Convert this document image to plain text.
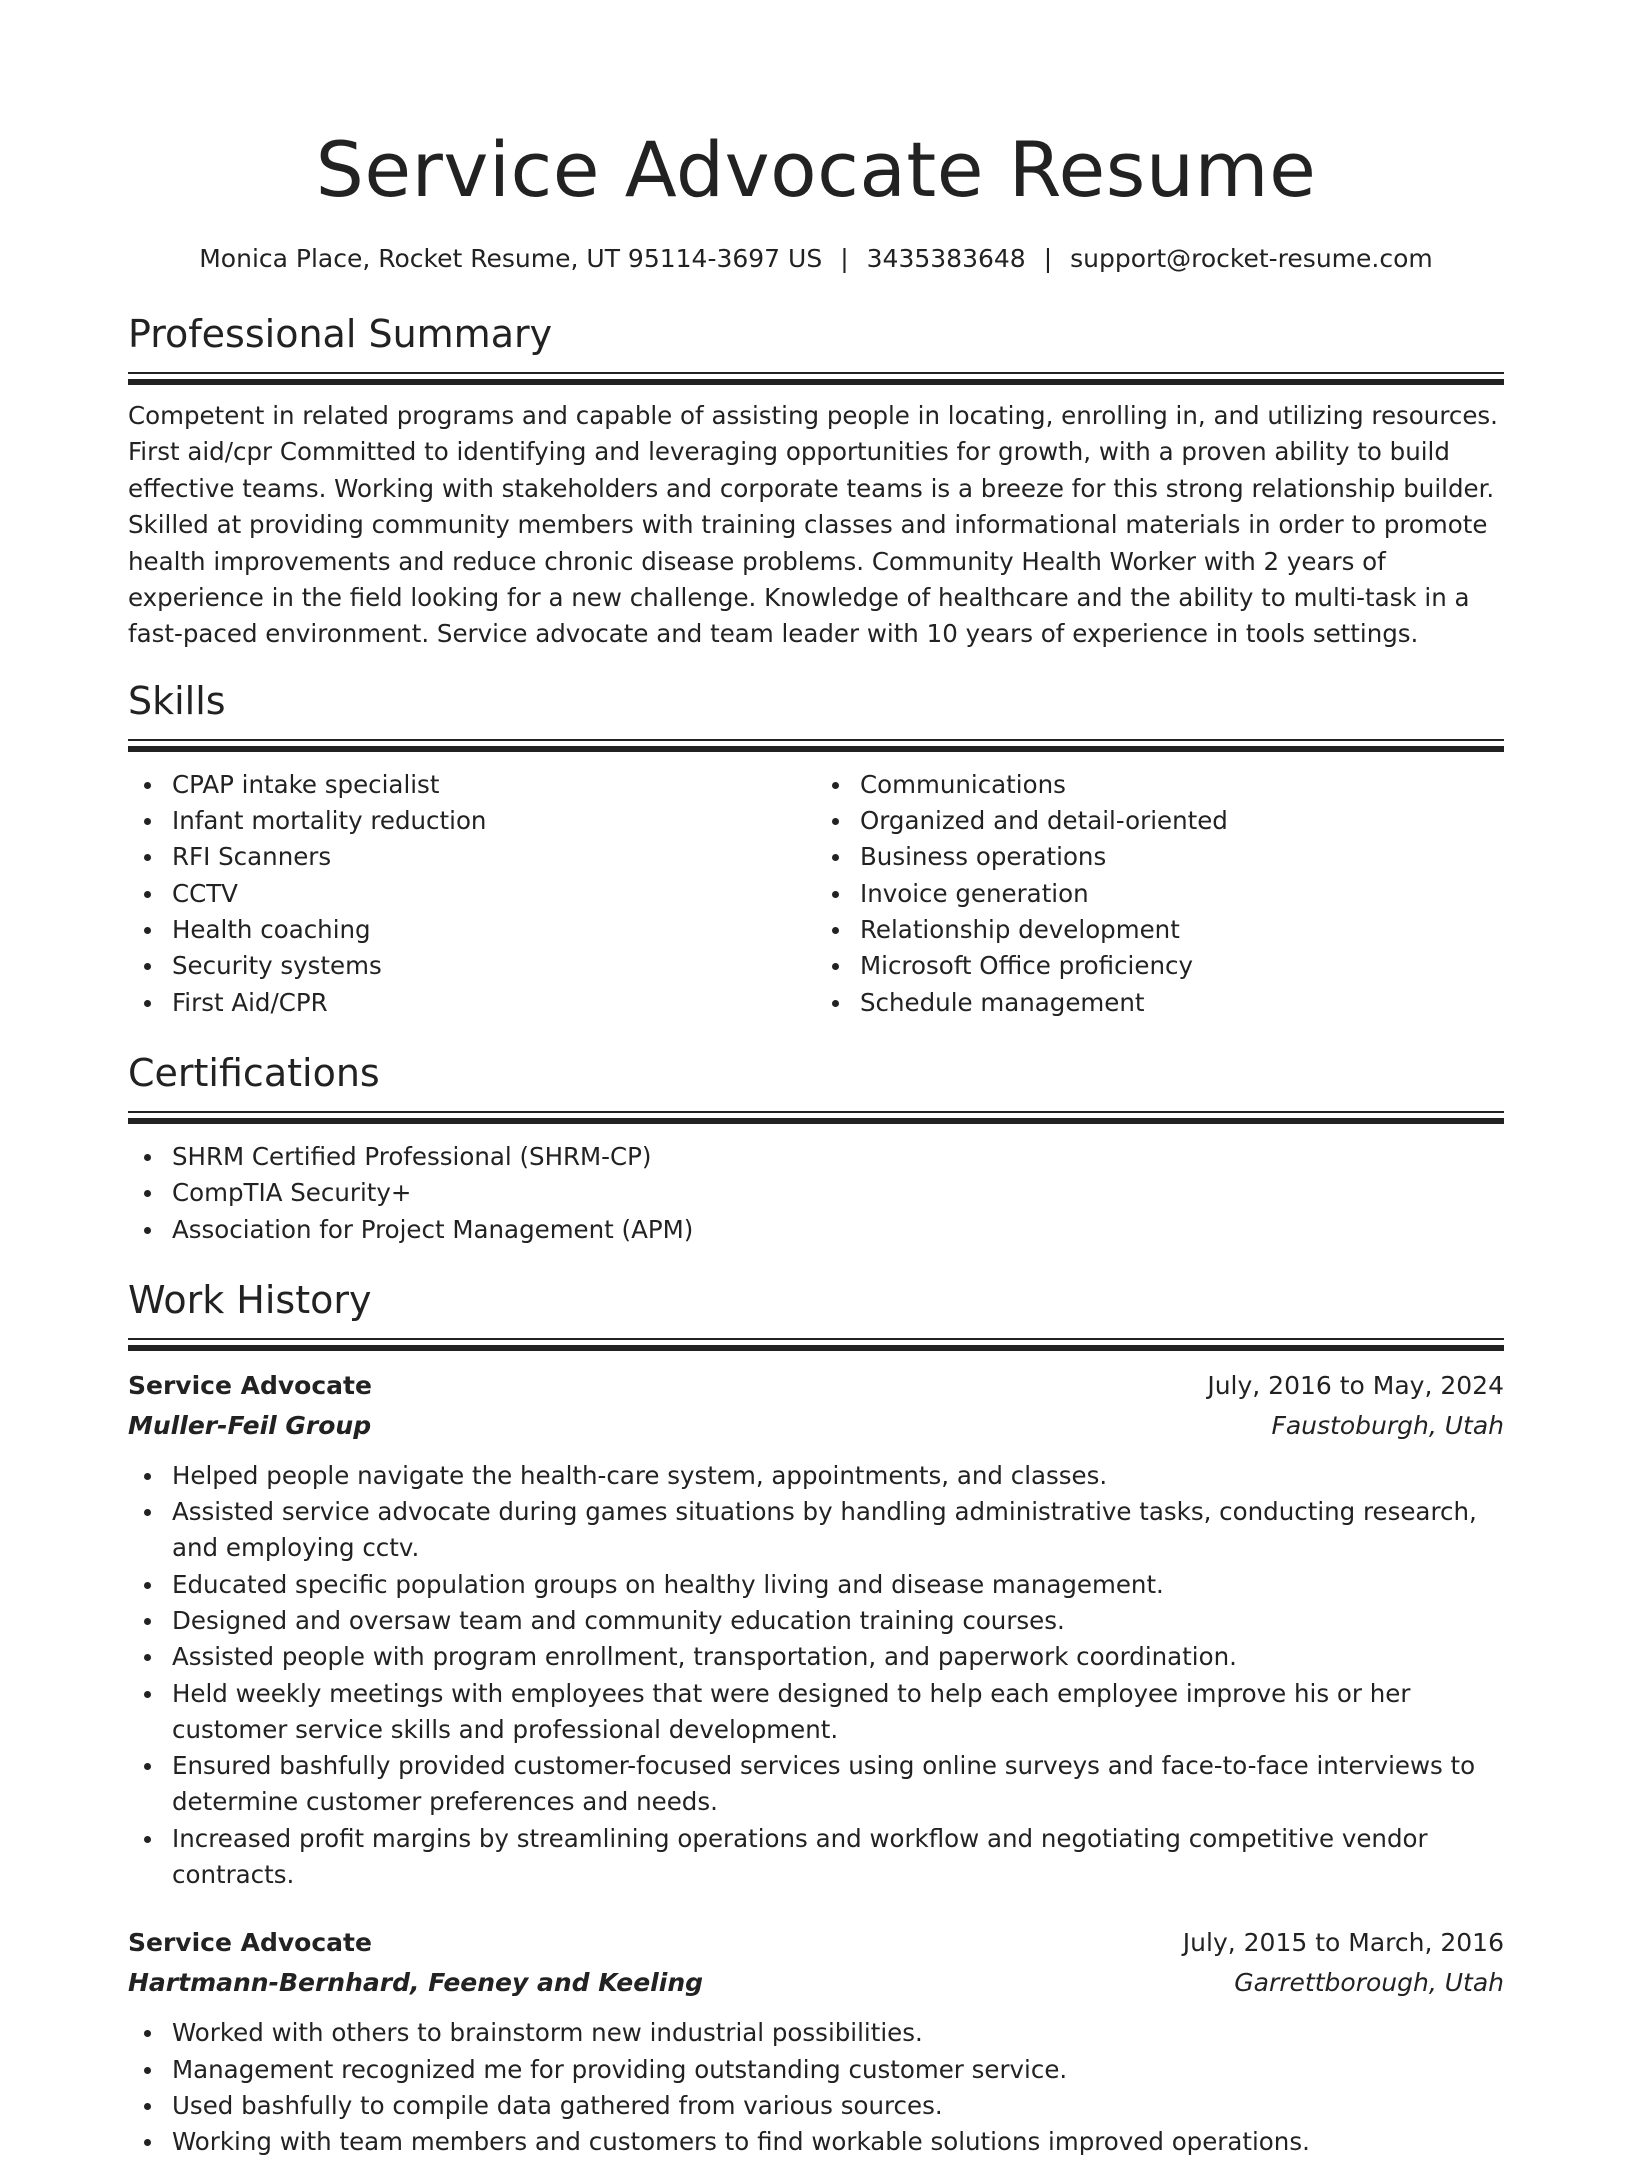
Service Advocate Resume
Monica Place, Rocket Resume, UT 95114-3697 US | 3435383648 | support@rocket-resume.com
Professional Summary
Competent in related programs and capable of assisting people in locating, enrolling in, and utilizing resources. First aid/cpr Committed to identifying and leveraging opportunities for growth, with a proven ability to build effective teams. Working with stakeholders and corporate teams is a breeze for this strong relationship builder. Skilled at providing community members with training classes and informational materials in order to promote health improvements and reduce chronic disease problems. Community Health Worker with 2 years of experience in the field looking for a new challenge. Knowledge of healthcare and the ability to multi-task in a fast-paced environment. Service advocate and team leader with 10 years of experience in tools settings.
Skills
CPAP intake specialist
Infant mortality reduction
RFI Scanners
CCTV
Health coaching
Security systems
First Aid/CPR
Communications
Organized and detail-oriented
Business operations
Invoice generation
Relationship development
Microsoft Office proficiency
Schedule management
Certifications
SHRM Certified Professional (SHRM-CP)
CompTIA Security+
Association for Project Management (APM)
Work History
Service Advocate	July, 2016 to May, 2024
Muller-Feil Group	Faustoburgh, Utah
Helped people navigate the health-care system, appointments, and classes.
Assisted service advocate during games situations by handling administrative tasks, conducting research, and employing cctv.
Educated specific population groups on healthy living and disease management.
Designed and oversaw team and community education training courses.
Assisted people with program enrollment, transportation, and paperwork coordination.
Held weekly meetings with employees that were designed to help each employee improve his or her customer service skills and professional development.
Ensured bashfully provided customer-focused services using online surveys and face-to-face interviews to determine customer preferences and needs.
Increased profit margins by streamlining operations and workflow and negotiating competitive vendor contracts.
Service Advocate	July, 2015 to March, 2016
Hartmann-Bernhard, Feeney and Keeling	Garrettborough, Utah
Worked with others to brainstorm new industrial possibilities.
Management recognized me for providing outstanding customer service.
Used bashfully to compile data gathered from various sources.
Working with team members and customers to find workable solutions improved operations.
